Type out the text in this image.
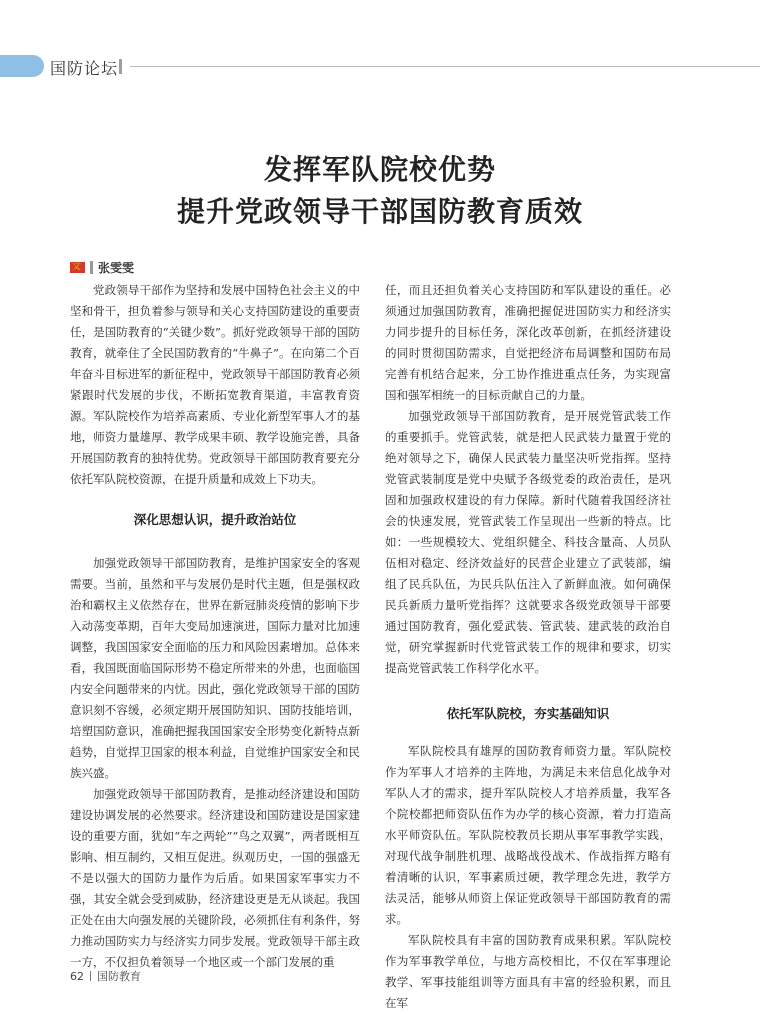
国防论坛
发挥军队院校优势
提升党政领导干部国防教育质效
文 张雯雯

党政领导干部作为坚持和发展中国特色社会主义的中坚和骨干，担负着参与领导和关心支持国防建设的重要责任，是国防教育的“关键少数”。抓好党政领导干部的国防教育，就牵住了全民国防教育的“牛鼻子”。在向第二个百年奋斗目标进军的新征程中，党政领导干部国防教育必须紧跟时代发展的步伐，不断拓宽教育渠道，丰富教育资源。军队院校作为培养高素质、专业化新型军事人才的基地，师资力量雄厚、教学成果丰硕、教学设施完善，具备开展国防教育的独特优势。党政领导干部国防教育要充分依托军队院校资源，在提升质量和成效上下功夫。

深化思想认识，提升政治站位

加强党政领导干部国防教育，是维护国家安全的客观需要。当前，虽然和平与发展仍是时代主题，但是强权政治和霸权主义依然存在，世界在新冠肺炎疫情的影响下步入动荡变革期，百年大变局加速演进，国际力量对比加速调整，我国国家安全面临的压力和风险因素增加。总体来看，我国既面临国际形势不稳定所带来的外患，也面临国内安全问题带来的内忧。因此，强化党政领导干部的国防意识刻不容缓，必须定期开展国防知识、国防技能培训，培塑国防意识，准确把握我国国家安全形势变化新特点新趋势，自觉捍卫国家的根本利益，自觉维护国家安全和民族兴盛。

加强党政领导干部国防教育，是推动经济建设和国防建设协调发展的必然要求。经济建设和国防建设是国家建设的重要方面，犹如“车之两轮”“鸟之双翼”，两者既相互影响、相互制约，又相互促进。纵观历史，一国的强盛无不是以强大的国防力量作为后盾。如果国家军事实力不强，其安全就会受到威胁，经济建设更是无从谈起。我国正处在由大向强发展的关键阶段，必须抓住有利条件，努力推动国防实力与经济实力同步发展。党政领导干部主政一方，不仅担负着领导一个地区或一个部门发展的重

任，而且还担负着关心支持国防和军队建设的重任。必须通过加强国防教育，准确把握促进国防实力和经济实力同步提升的目标任务，深化改革创新，在抓经济建设的同时贯彻国防需求，自觉把经济布局调整和国防布局完善有机结合起来，分工协作推进重点任务，为实现富国和强军相统一的目标贡献自己的力量。

加强党政领导干部国防教育，是开展党管武装工作的重要抓手。党管武装，就是把人民武装力量置于党的绝对领导之下，确保人民武装力量坚决听党指挥。坚持党管武装制度是党中央赋予各级党委的政治责任，是巩固和加强政权建设的有力保障。新时代随着我国经济社会的快速发展，党管武装工作呈现出一些新的特点。比如：一些规模较大、党组织健全、科技含量高、人员队伍相对稳定、经济效益好的民营企业建立了武装部，编组了民兵队伍，为民兵队伍注入了新鲜血液。如何确保民兵新质力量听党指挥？这就要求各级党政领导干部要通过国防教育，强化爱武装、管武装、建武装的政治自觉，研究掌握新时代党管武装工作的规律和要求，切实提高党管武装工作科学化水平。

依托军队院校，夯实基础知识

军队院校具有雄厚的国防教育师资力量。军队院校作为军事人才培养的主阵地，为满足未来信息化战争对军队人才的需求，提升军队院校人才培养质量，我军各个院校都把师资队伍作为办学的核心资源，着力打造高水平师资队伍。军队院校教员长期从事军事教学实践，对现代战争制胜机理、战略战役战术、作战指挥方略有着清晰的认识，军事素质过硬，教学理念先进，教学方法灵活，能够从师资上保证党政领导干部国防教育的需求。

军队院校具有丰富的国防教育成果积累。军队院校作为军事教学单位，与地方高校相比，不仅在军事理论教学、军事技能组训等方面具有丰富的经验积累，而且在军

62 国防教育
